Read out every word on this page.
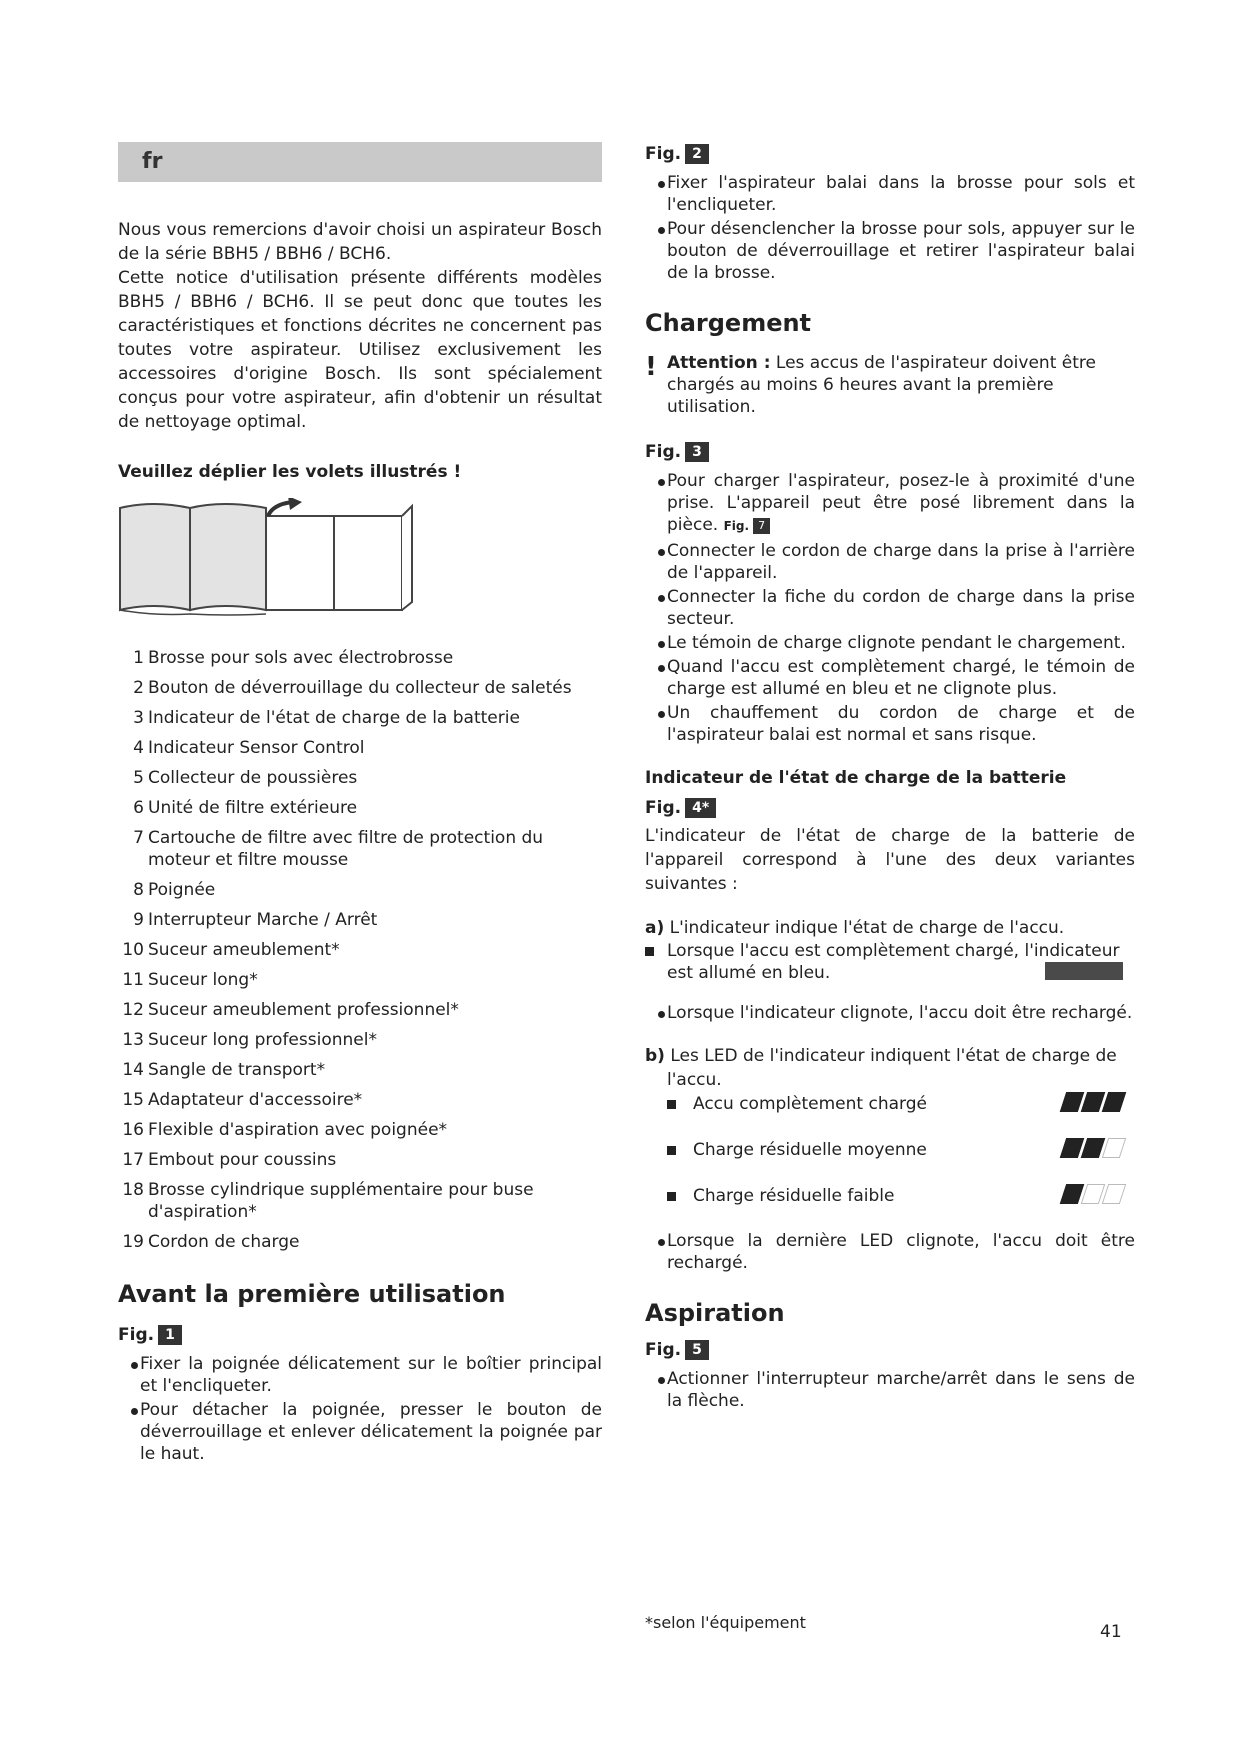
fr

Nous vous remercions d'avoir choisi un aspirateur Bosch de la série BBH5 / BBH6 / BCH6.

Cette notice d'utilisation présente différents modèles BBH5 / BBH6 / BCH6. Il se peut donc que toutes les caractéristiques et fonctions décrites ne concernent pas toutes votre aspirateur. Utilisez exclusivement les accessoires d'origine Bosch. Ils sont spécialement conçus pour votre aspirateur, afin d'obtenir un résultat de nettoyage optimal.

Veuillez déplier les volets illustrés !

1 Brosse pour sols avec électrobrosse
2 Bouton de déverrouillage du collecteur de saletés
3 Indicateur de l'état de charge de la batterie
4 Indicateur Sensor Control
5 Collecteur de poussières
6 Unité de filtre extérieure
7 Cartouche de filtre avec filtre de protection du moteur et filtre mousse
8 Poignée
9 Interrupteur Marche / Arrêt
10 Suceur ameublement*
11 Suceur long*
12 Suceur ameublement professionnel*
13 Suceur long professionnel*
14 Sangle de transport*
15 Adaptateur d'accessoire*
16 Flexible d'aspiration avec poignée*
17 Embout pour coussins
18 Brosse cylindrique supplémentaire pour buse d'aspiration*
19 Cordon de charge
Avant la première utilisation
Fig. 1
Fixer la poignée délicatement sur le boîtier principal et l'encliqueter.
Pour détacher la poignée, presser le bouton de déverrouillage et enlever délicatement la poignée par le haut.
Fig. 2
Fixer l'aspirateur balai dans la brosse pour sols et l'encliqueter.
Pour désenclencher la brosse pour sols, appuyer sur le bouton de déverrouillage et retirer l'aspirateur balai de la brosse.
Chargement
! Attention : Les accus de l'aspirateur doivent être chargés au moins 6 heures avant la première utilisation.
Fig. 3
Pour charger l'aspirateur, posez-le à proximité d'une prise. L'appareil peut être posé librement dans la pièce. Fig. 7
Connecter le cordon de charge dans la prise à l'arrière de l'appareil.
Connecter la fiche du cordon de charge dans la prise secteur.
Le témoin de charge clignote pendant le chargement.
Quand l'accu est complètement chargé, le témoin de charge est allumé en bleu et ne clignote plus.
Un chauffement du cordon de charge et de l'aspirateur balai est normal et sans risque.

Indicateur de l'état de charge de la batterie

Fig. 4*

L'indicateur de l'état de charge de la batterie de l'appareil correspond à l'une des deux variantes suivantes :

a) L'indicateur indique l'état de charge de l'accu.

Lorsque l'accu est complètement chargé, l'indicateur est allumé en bleu.
Lorsque l'indicateur clignote, l'accu doit être rechargé.

b) Les LED de l'indicateur indiquent l'état de charge de l'accu.

Accu complètement chargé
Charge résiduelle moyenne
Charge résiduelle faible
Lorsque la dernière LED clignote, l'accu doit être rechargé.
Aspiration
Fig. 5
Actionner l'interrupteur marche/arrêt dans le sens de la flèche.
*selon l'équipement	41
